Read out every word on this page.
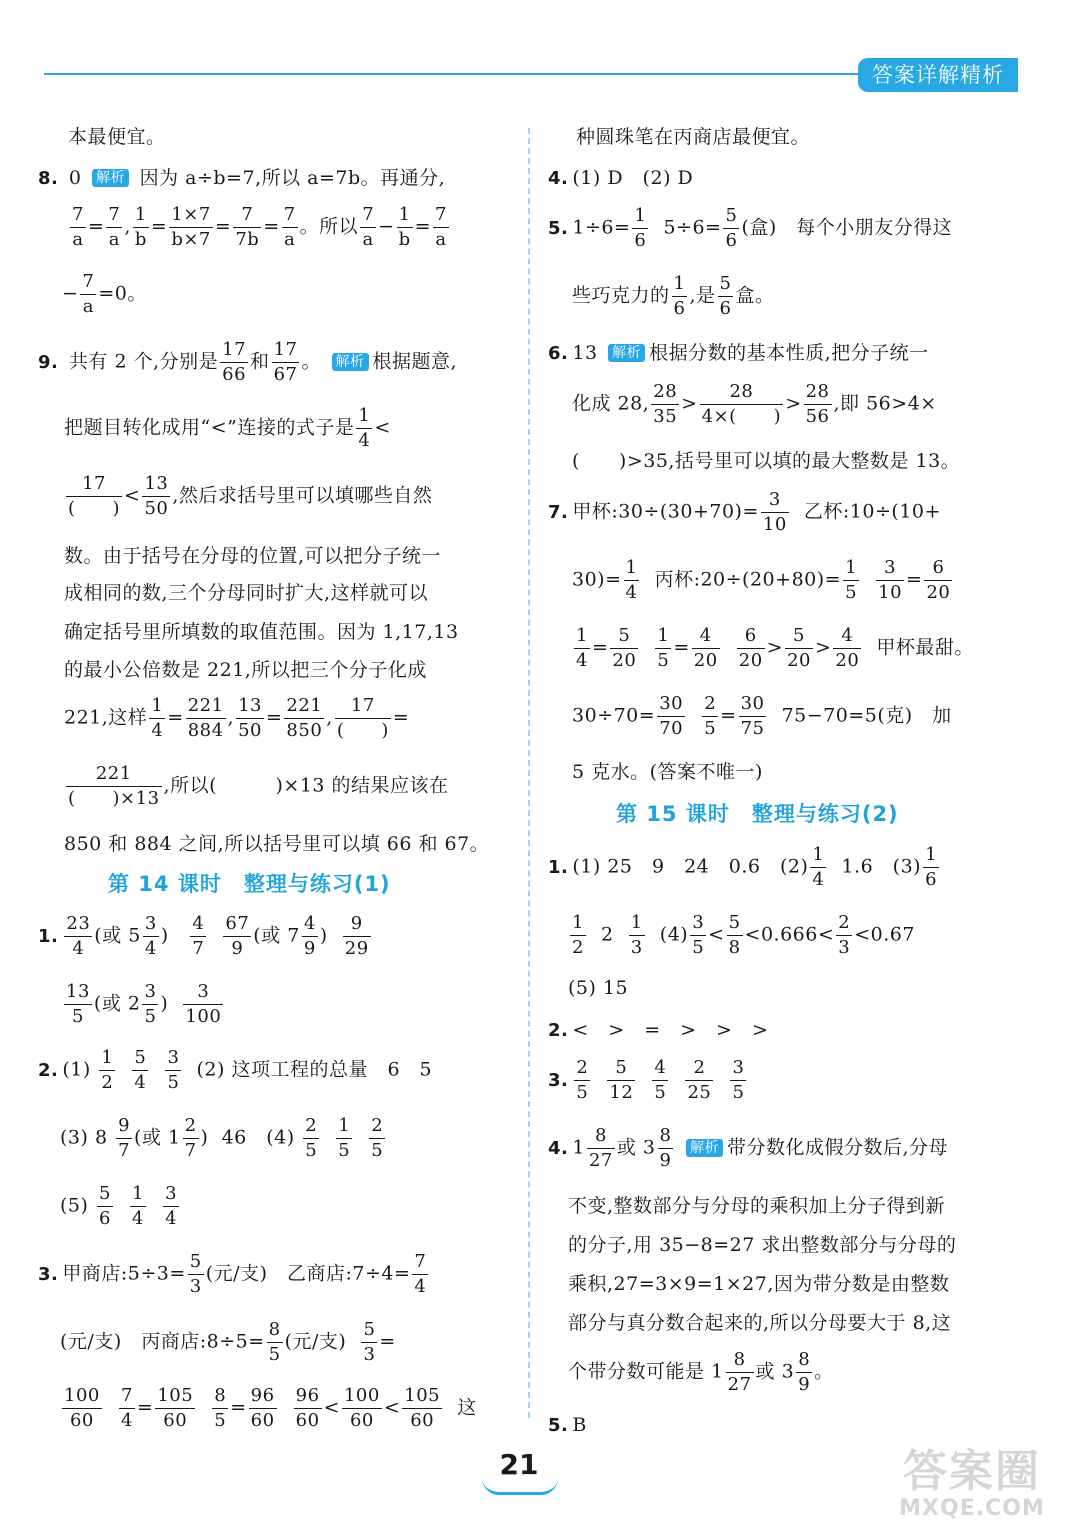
答案详解精析
本最便宜。
8. 0 解析 因为 a÷b=7,所以 a=7b。再通分,
$\frac{7}{a} = \frac{7}{a}$ , $\frac{1}{b} = \frac{1\times 7}{b\times 7} = \frac{7}{7b} = \frac{7}{a}$ 。所以 $\frac{7}{a} - \frac{1}{b} = \frac{7}{a}$
− $\frac{7}{a} =0$。
9. 共有 2 个,分别是 $\frac{17}{66}$ 和 $\frac{17}{67}$ 。 解析 根据题意,
把题目转化成用“<”连接的式子是 $\frac{1}{4}$ <
$\frac{17}{( )} < \frac{13}{50}$ ,然后求括号里可以填哪些自然
数。由于括号在分母的位置,可以把分子统一
成相同的数,三个分母同时扩大,这样就可以
确定括号里所填数的取值范围。因为 1,17,13
的最小公倍数是 221,所以把三个分子化成
221,这样 $\frac{1}{4} = \frac{221}{884}$ , $\frac{13}{50} = \frac{221}{850}$ , $\frac{17}{( )}$ =
$\frac{221}{( )\times 13}$ ,所以(　　　)×13 的结果应该在
850 和 884 之间,所以括号里可以填 66 和 67。
第 14 课时　整理与练习(1)
1. $\frac{23}{4}$ (或 $5 \frac{3}{4}$ ) $\frac{4}{7}$
$\frac{67}{9}$ (或 $7 \frac{4}{9}$ ) $\frac{9}{29}$
$\frac{13}{5}$ (或 $2 \frac{3}{5}$ ) $\frac{3}{100}$
2. $(1) \frac{1}{2}$
$\frac{5}{4}$
$\frac{3}{5} (2)$ 这项工程的总量　6　5
(3) $8 \frac{9}{7}$ (或 $1 \frac{2}{7}$ ) 46　$(4) \frac{2}{5}$
$\frac{1}{5}$
$\frac{2}{5}$
$(5) \frac{5}{6}$
$\frac{1}{4}$
$\frac{3}{4}$
3. 甲商店:5÷3= $\frac{5}{3}$ (元/支)　乙商店:7÷4= $\frac{7}{4}$
(元/支)　丙商店:8÷5= $\frac{8}{5}$ (元/支) $\frac{5}{3}$ =
$\frac{100}{60}$
$\frac{7}{4} = \frac{105}{60}$
$\frac{8}{5} = \frac{96}{60}$
$\frac{96}{60} < \frac{100}{60} < \frac{105}{60}$ 这
种圆珠笔在丙商店最便宜。
4. (1) D　(2) D
5. $1\div 6= \frac{1}{6} 5\div 6= \frac{5}{6}$ (盒)　每个小朋友分得这
些巧克力的 $\frac{1}{6}$ ,是 $\frac{5}{6}$ 盒。
6. 13 解析 根据分数的基本性质,把分子统一
化成 28, $\frac{28}{35} > \frac{28}{4\times( )} > \frac{28}{56}$ ,即 56>4×
(　　)>35,括号里可以填的最大整数是 13。
7. 甲杯:30÷(30+70)= $\frac{3}{10}$ 乙杯:10÷(10+
$30)= \frac{1}{4}$ 丙杯:20÷(20+80)= $\frac{1}{5}$
$\frac{3}{10} = \frac{6}{20}$
$\frac{1}{4} = \frac{5}{20}$
$\frac{1}{5} = \frac{4}{20}$
$\frac{6}{20} > \frac{5}{20} > \frac{4}{20}$ 甲杯最甜。
$30\div 70= \frac{30}{70}$
$\frac{2}{5} = \frac{30}{75} 75-70=5$(克)　加
5 克水。(答案不唯一)
第 15 课时　整理与练习(2)
1. (1) 25　9　24　0.6　$(2) \frac{1}{4} 1.6$　$(3) \frac{1}{6}$
$\frac{1}{2} 2 \frac{1}{3} (4) \frac{3}{5} < \frac{5}{8} <0.666< \frac{2}{3} <0.67$
(5) 15
2. <　>　=　>　>　>
3. $\frac{2}{5}$
$\frac{5}{12}$
$\frac{4}{5}$
$\frac{2}{25}$
$\frac{3}{5}$
4. $1 \frac{8}{27}$ 或 $3 \frac{8}{9}$ 解析 带分数化成假分数后,分母
不变,整数部分与分母的乘积加上分子得到新
的分子,用 35−8=27 求出整数部分与分母的
乘积,27=3×9=1×27,因为带分数是由整数
部分与真分数合起来的,所以分母要大于 8,这
个带分数可能是 $1 \frac{8}{27}$ 或 $3 \frac{8}{9}$ 。
5. B
21	答案圈
MXQE.COM
